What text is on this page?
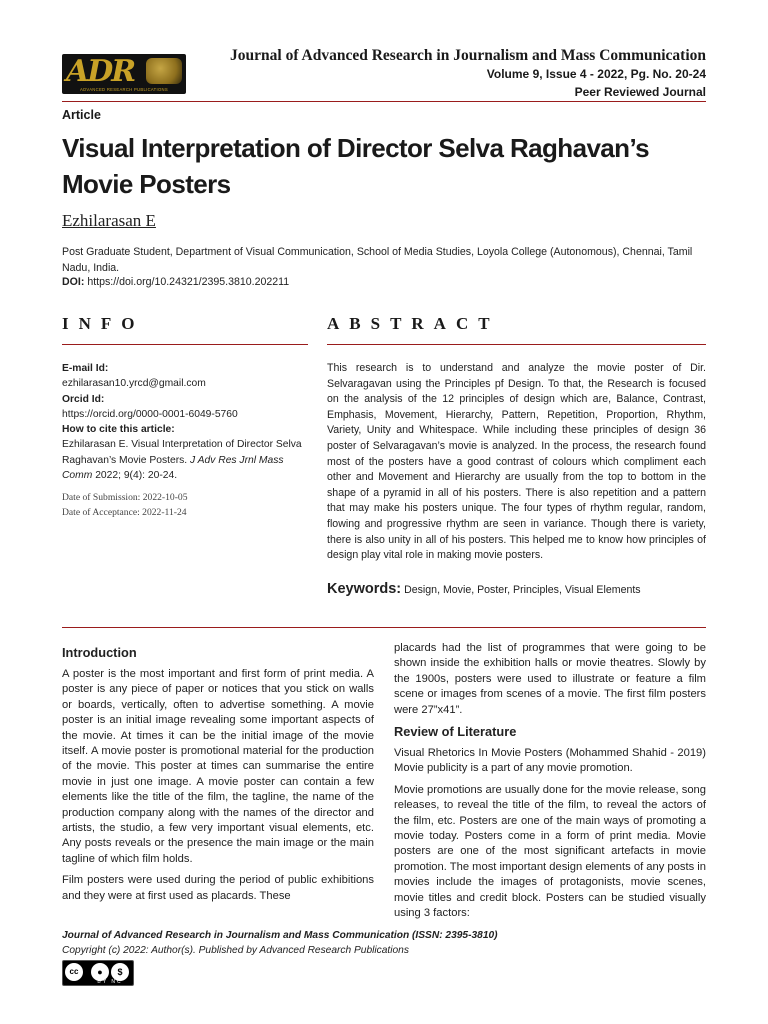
ADR
ADVANCED RESEARCH PUBLICATIONS
Journal of Advanced Research in Journalism and Mass Communication
Volume 9, Issue 4 - 2022, Pg. No. 20-24
Peer Reviewed Journal
Article
Visual Interpretation of Director Selva Raghavan’s Movie Posters
Ezhilarasan E
Post Graduate Student, Department of Visual Communication, School of Media Studies, Loyola College (Autonomous), Chennai, Tamil Nadu, India.
DOI: https://doi.org/10.24321/2395.3810.202211
INFO	ABSTRACT
E-mail Id:
ezhilarasan10.yrcd@gmail.com
Orcid Id:
https://orcid.org/0000-0001-6049-5760
How to cite this article:
Ezhilarasan E. Visual Interpretation of Director Selva Raghavan’s Movie Posters. J Adv Res Jrnl Mass Comm 2022; 9(4): 20-24.
Date of Submission: 2022-10-05
Date of Acceptance: 2022-11-24
This research is to understand and analyze the movie poster of Dir. Selvaragavan using the Principles pf Design. To that, the Research is focused on the analysis of the 12 principles of design which are, Balance, Contrast, Emphasis, Movement, Hierarchy, Pattern, Repetition, Proportion, Rhythm, Variety, Unity and Whitespace. While including these principles of design 36 poster of Selvaragavan’s movie is analyzed. In the process, the research found most of the posters have a good contrast of colours which compliment each other and Movement and Hierarchy are usually from the top to bottom in the shape of a pyramid in all of his posters. There is also repetition and a pattern that may make his posters unique. The four types of rhythm regular, random, flowing and progressive rhythm are seen in variance. Though there is variety, there is also unity in all of his posters. This helped me to know how principles of design play vital role in making movie posters.
Keywords: Design, Movie, Poster, Principles, Visual Elements
Introduction

A poster is the most important and first form of print media. A poster is any piece of paper or notices that you stick on walls or boards, vertically, often to advertise something. A movie poster is an initial image revealing some important aspects of the movie. At times it can be the initial image of the movie itself. A movie poster is promotional material for the production of the movie. This poster at times can summarise the entire movie in just one image. A movie poster can contain a few elements like the title of the film, the tagline, the name of the production company along with the names of the director and artists, the studio, a few very important visual elements, etc. Any posts reveals or the presence the main image or the main tagline of which film holds.

Film posters were used during the period of public exhibitions and they were at first used as placards. These

placards had the list of programmes that were going to be shown inside the exhibition halls or movie theatres. Slowly by the 1900s, posters were used to illustrate or feature a film scene or images from scenes of a movie. The first film posters were 27”x41”.

Review of Literature

Visual Rhetorics In Movie Posters (Mohammed Shahid - 2019) Movie publicity is a part of any movie promotion.

Movie promotions are usually done for the movie release, song releases, to reveal the title of the film, to reveal the actors of the film, etc. Posters are one of the main ways of promoting a movie today. Posters come in a form of print media. Movie posters are one of the most significant artefacts in movie promotion. The most important design elements of any posts in movies include the images of protagonists, movie scenes, movie titles and credit block. Posters can be studied visually using 3 factors:

Journal of Advanced Research in Journalism and Mass Communication (ISSN: 2395-3810)
Copyright (c) 2022: Author(s). Published by Advanced Research Publications
cc	●	$
BY NC
